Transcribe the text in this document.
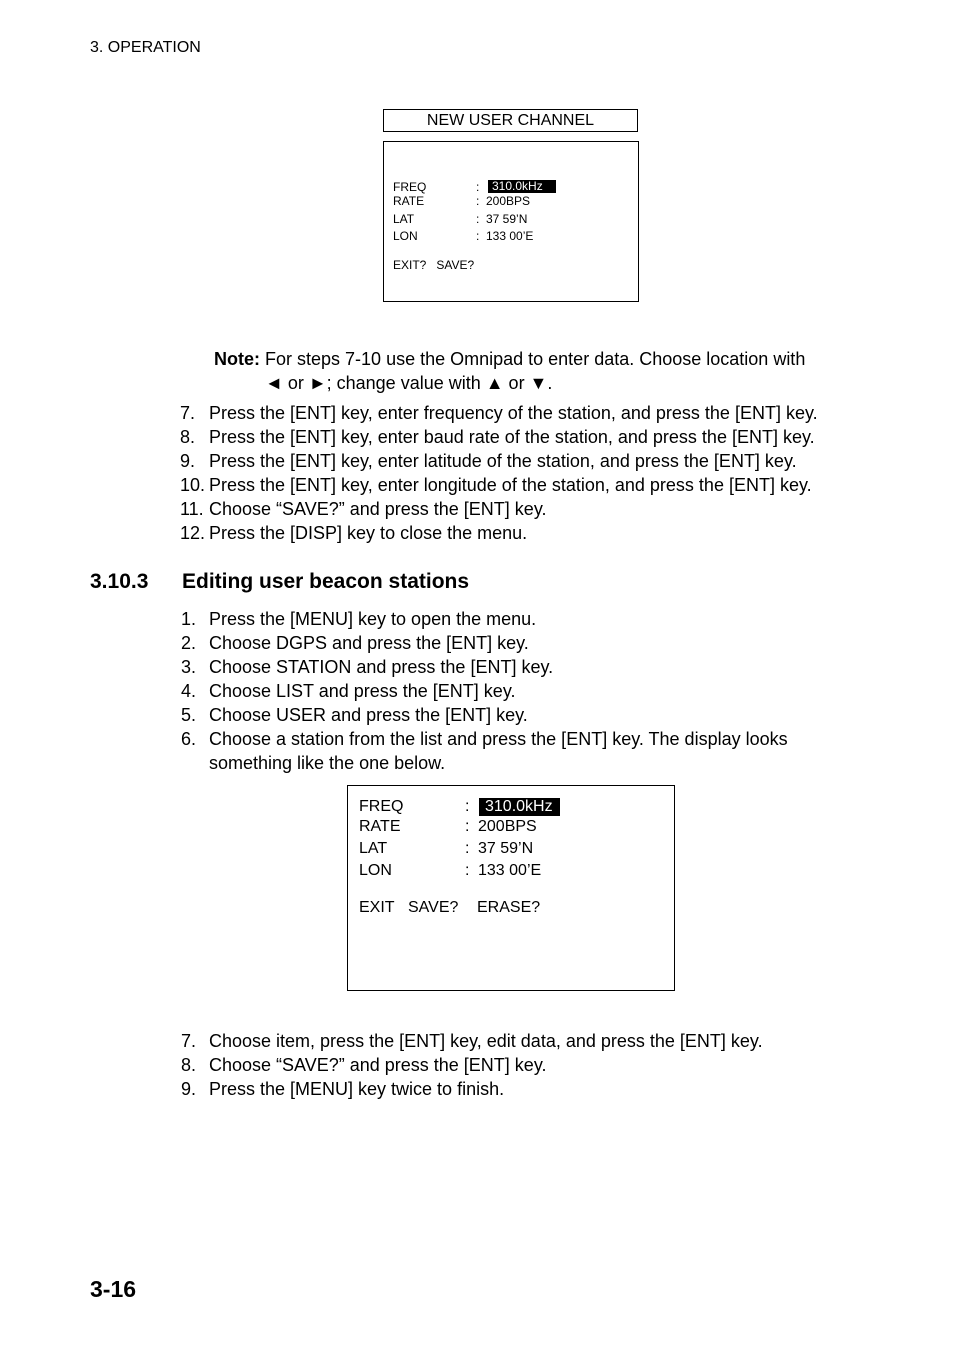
3. OPERATION
NEW USER CHANNEL
FREQ	:	310.0kHz
RATE	: 200BPS
LAT	: 37 59’N
LON	: 133 00’E
EXIT?   SAVE?
Note: For steps 7-10 use the Omnipad to enter data. Choose location with
◄ or ►; change value with ▲ or ▼.
7. Press the [ENT] key, enter frequency of the station, and press the [ENT] key.
8. Press the [ENT] key, enter baud rate of the station, and press the [ENT] key.
9. Press the [ENT] key, enter latitude of the station, and press the [ENT] key.
10. Press the [ENT] key, enter longitude of the station, and press the [ENT] key.
11. Choose “SAVE?” and press the [ENT] key.
12. Press the [DISP] key to close the menu.
3.10.3 Editing user beacon stations
1. Press the [MENU] key to open the menu.
2. Choose DGPS and press the [ENT] key.
3. Choose STATION and press the [ENT] key.
4. Choose LIST and press the [ENT] key.
5. Choose USER and press the [ENT] key.
6. Choose a station from the list and press the [ENT] key. The display looks
something like the one below.
FREQ	: 310.0kHz
RATE	: 200BPS
LAT	: 37 59’N
LON	: 133 00’E
EXIT SAVE? ERASE?
7. Choose item, press the [ENT] key, edit data, and press the [ENT] key.
8. Choose “SAVE?” and press the [ENT] key.
9. Press the [MENU] key twice to finish.
3-16
